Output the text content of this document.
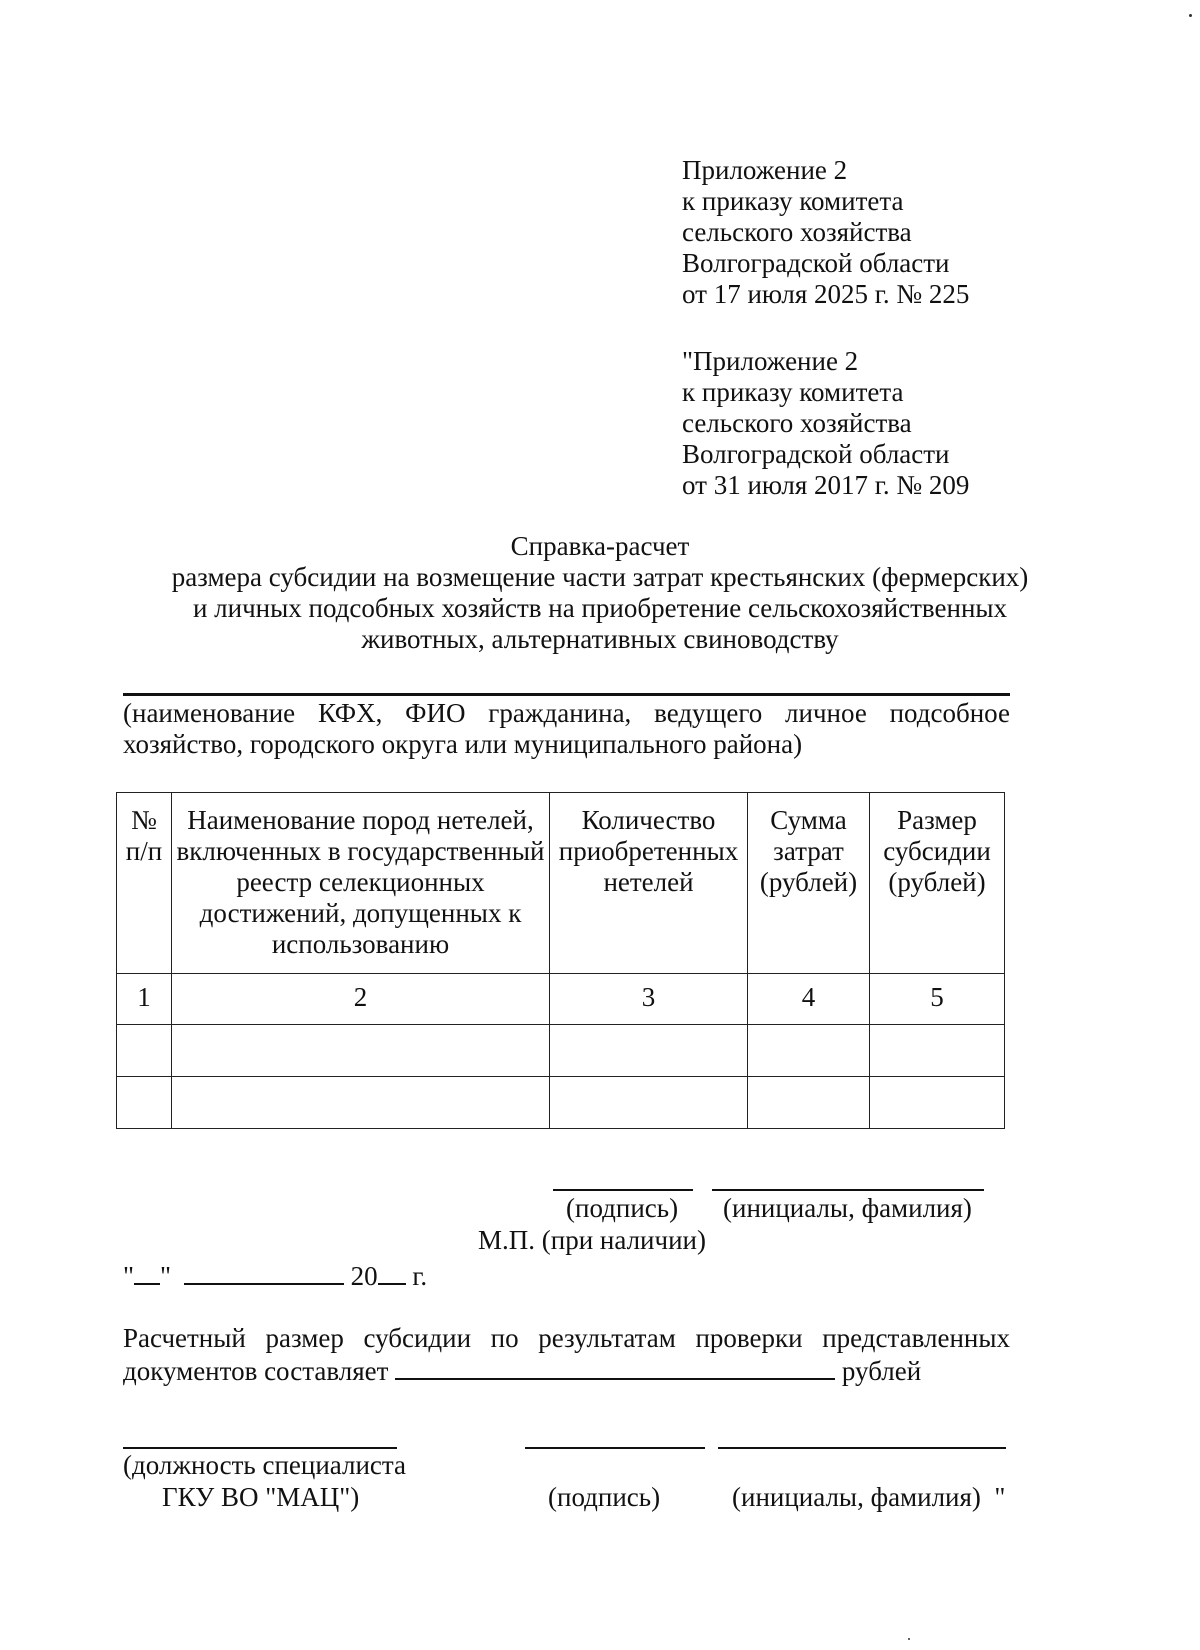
Приложение 2
к приказу комитета
сельского хозяйства
Волгоградской области
от 17 июля 2025 г. № 225
"Приложение 2
к приказу комитета
сельского хозяйства
Волгоградской области
от 31 июля 2017 г. № 209
Справка-расчет
размера субсидии на возмещение части затрат крестьянских (фермерских)
и личных подсобных хозяйств на приобретение сельскохозяйственных
животных, альтернативных свиноводству
(наименование КФХ, ФИО гражданина, ведущего личное подсобное
хозяйство, городского округа или муниципального района)
№ п/п	Наименование пород нетелей, включенных в государственный реестр селекционных достижений, допущенных к использованию	Количество приобретенных нетелей	Сумма затрат (рублей)	Размер субсидии (рублей)
1	2	3	4	5

(подпись) (инициалы, фамилия)
М.П. (при наличии)
" "	20 г.
Расчетный размер субсидии по результатам проверки представленных
документов составляет	рублей
(должность специалиста
ГКУ ВО "МАЦ")	(подпись)	(инициалы, фамилия) "
